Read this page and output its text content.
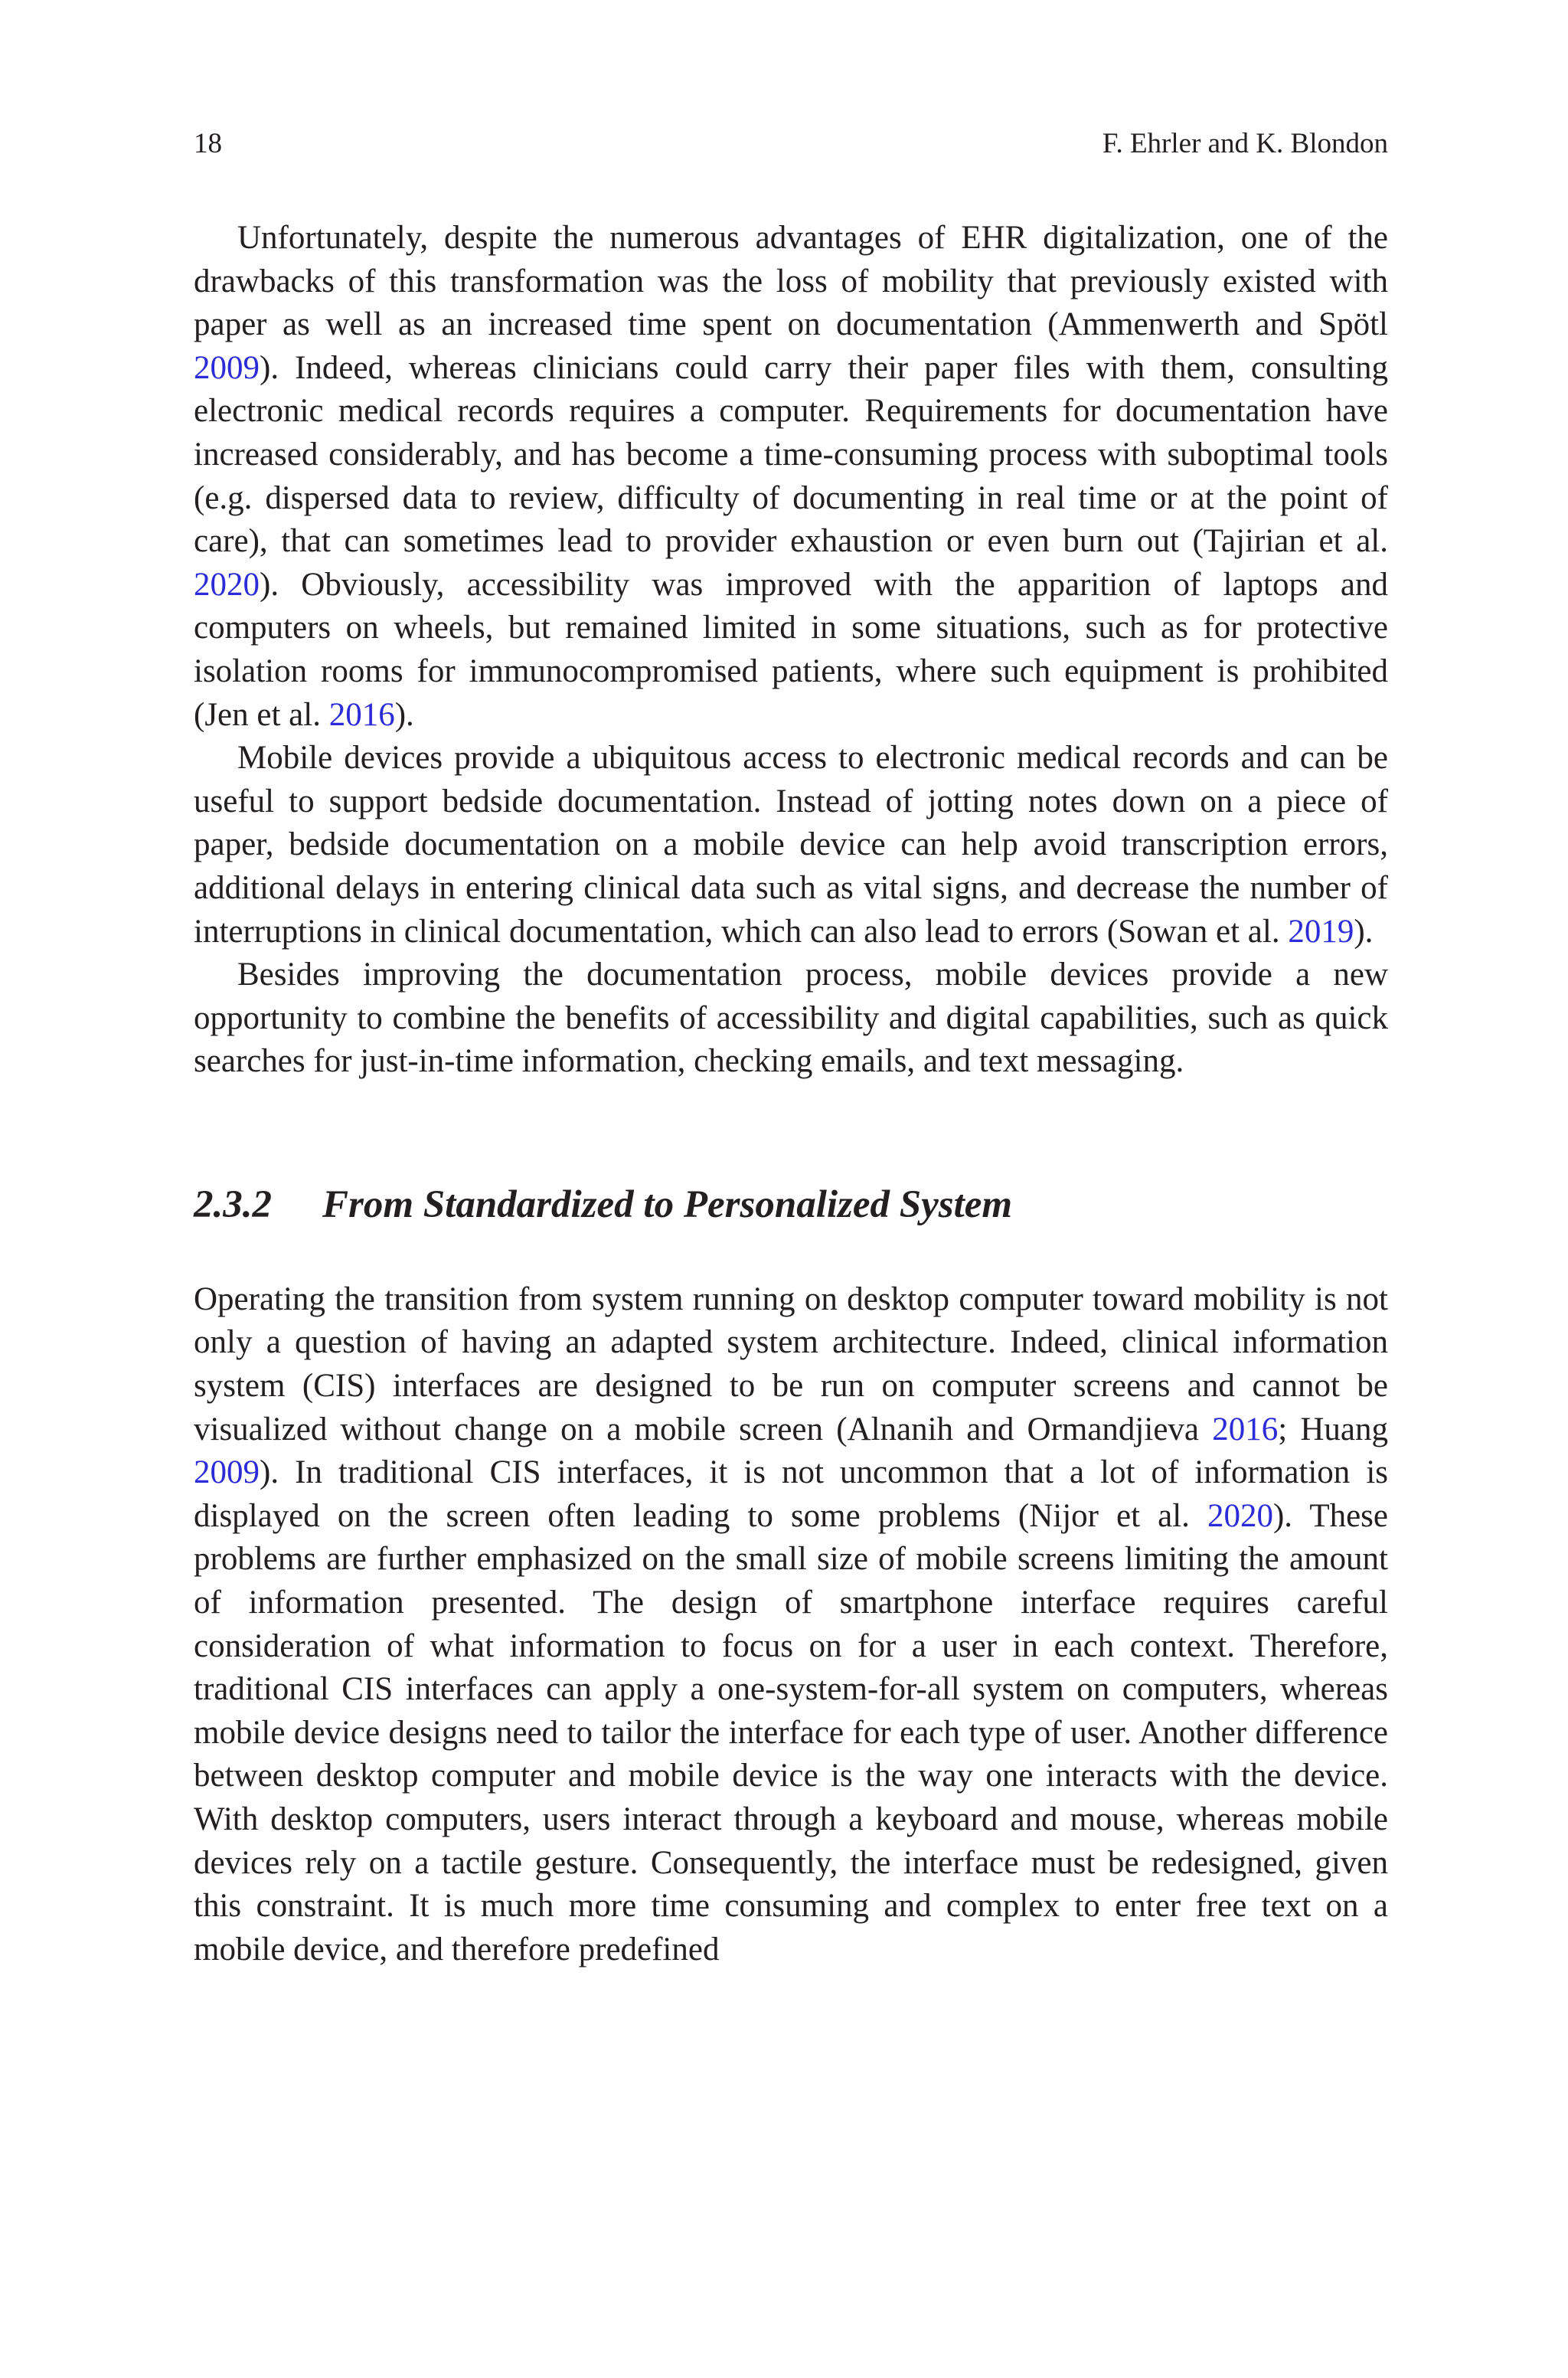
18	F. Ehrler and K. Blondon

Unfortunately, despite the numerous advantages of EHR digitalization, one of the drawbacks of this transformation was the loss of mobility that previously existed with paper as well as an increased time spent on documentation (Ammenwerth and Spötl 2009). Indeed, whereas clinicians could carry their paper files with them, consulting electronic medical records requires a computer. Requirements for documentation have increased considerably, and has become a time-consuming process with suboptimal tools (e.g. dispersed data to review, difficulty of documenting in real time or at the point of care), that can sometimes lead to provider exhaustion or even burn out (Tajirian et al. 2020). Obviously, accessibility was improved with the apparition of laptops and computers on wheels, but remained limited in some situations, such as for protective isolation rooms for immunocompromised patients, where such equipment is prohibited (Jen et al. 2016).

Mobile devices provide a ubiquitous access to electronic medical records and can be useful to support bedside documentation. Instead of jotting notes down on a piece of paper, bedside documentation on a mobile device can help avoid transcription errors, additional delays in entering clinical data such as vital signs, and decrease the number of interruptions in clinical documentation, which can also lead to errors (Sowan et al. 2019).

Besides improving the documentation process, mobile devices provide a new opportunity to combine the benefits of accessibility and digital capabilities, such as quick searches for just-in-time information, checking emails, and text messaging.

2.3.2	From Standardized to Personalized System

Operating the transition from system running on desktop computer toward mobility is not only a question of having an adapted system architecture. Indeed, clinical information system (CIS) interfaces are designed to be run on computer screens and cannot be visualized without change on a mobile screen (Alnanih and Ormandjieva 2016; Huang 2009). In traditional CIS interfaces, it is not uncommon that a lot of information is displayed on the screen often leading to some problems (Nijor et al. 2020). These problems are further emphasized on the small size of mobile screens limiting the amount of information presented. The design of smartphone interface requires careful consideration of what information to focus on for a user in each context. Therefore, traditional CIS interfaces can apply a one-system-for-all system on computers, whereas mobile device designs need to tailor the interface for each type of user. Another difference between desktop computer and mobile device is the way one interacts with the device. With desktop computers, users interact through a keyboard and mouse, whereas mobile devices rely on a tactile gesture. Consequently, the interface must be redesigned, given this constraint. It is much more time consuming and complex to enter free text on a mobile device, and therefore predefined
